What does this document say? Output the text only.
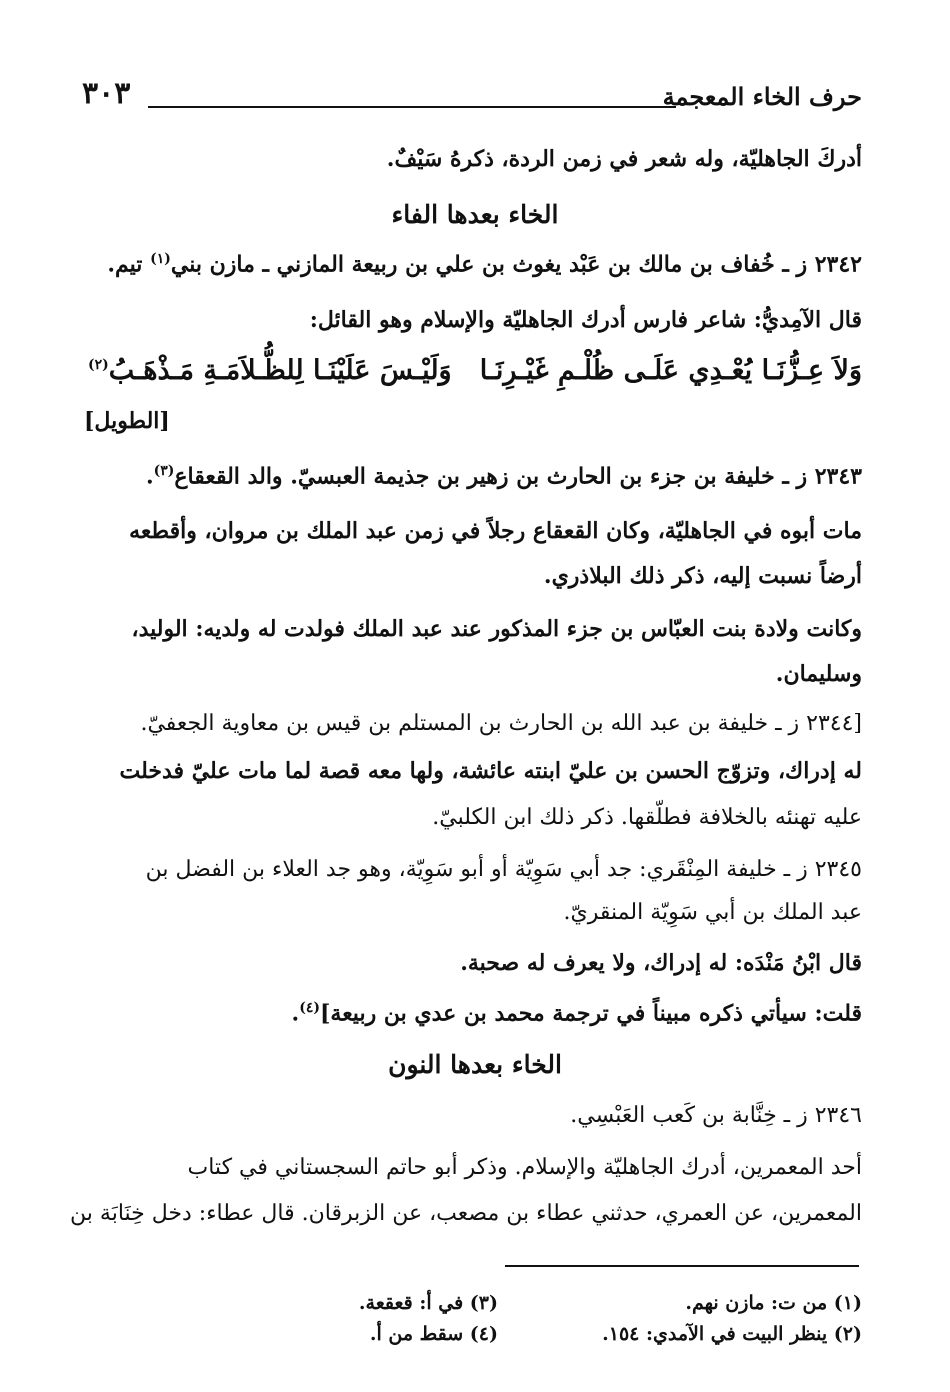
حرف الخاء المعجمة
٣٠٣
أدركَ الجاهليّة، وله شعر في زمن الردة، ذكرهُ سَيْفٌ.
الخاء بعدها الفاء
٢٣٤٢ ز ـ خُفاف بن مالك بن عَبْد يغوث بن علي بن ربيعة المازني ـ مازن بني$^{(١)}$ تيم.
قال الآمِديُّ: شاعر فارس أدرك الجاهليّة والإسلام وهو القائل:
وَلاَ عِـزُّنَـا يُعْـدِي عَلَـى ظُلْـمِ غَيْـرِنَـا
وَلَيْـسَ عَلَيْنَـا لِلظُّـلاَمَـةِ مَـذْهَـبُ$^{(٢)}$
[الطويل]
٢٣٤٣ ز ـ خليفة بن جزء بن الحارث بن زهير بن جذيمة العبسيّ. والد القعقاع$^{(٣)}$.
مات أبوه في الجاهليّة، وكان القعقاع رجلاً في زمن عبد الملك بن مروان، وأقطعه
أرضاً نسبت إليه، ذكر ذلك البلاذري.
وكانت ولادة بنت العبّاس بن جزء المذكور عند عبد الملك فولدت له ولديه: الوليد،
وسليمان.
[٢٣٤٤ ز ـ خليفة بن عبد الله بن الحارث بن المستلم بن قيس بن معاوية الجعفيّ.
له إدراك، وتزوّج الحسن بن عليّ ابنته عائشة، ولها معه قصة لما مات عليّ فدخلت
عليه تهنئه بالخلافة فطلّقها. ذكر ذلك ابن الكلبيّ.
٢٣٤٥ ز ـ خليفة المِنْقَري: جد أبي سَوِيّة أو أبو سَوِيّة، وهو جد العلاء بن الفضل بن
عبد الملك بن أبي سَوِيّة المنقريّ.
قال ابْنُ مَنْدَه: له إدراك، ولا يعرف له صحبة.
قلت: سيأتي ذكره مبيناً في ترجمة محمد بن عدي بن ربيعة]$^{(٤)}$.
الخاء بعدها النون
٢٣٤٦ ز ـ خِنَّابة بن كَعب العَبْسِي.
أحد المعمرين، أدرك الجاهليّة والإسلام. وذكر أبو حاتم السجستاني في كتاب
المعمرين، عن العمري، حدثني عطاء بن مصعب، عن الزبرقان. قال عطاء: دخل خِنَابَة بن
(١) من ت: مازن نهم.
(٢) ينظر البيت في الآمدي: ١٥٤.
(٣) في أ: قعقعة.
(٤) سقط من أ.
